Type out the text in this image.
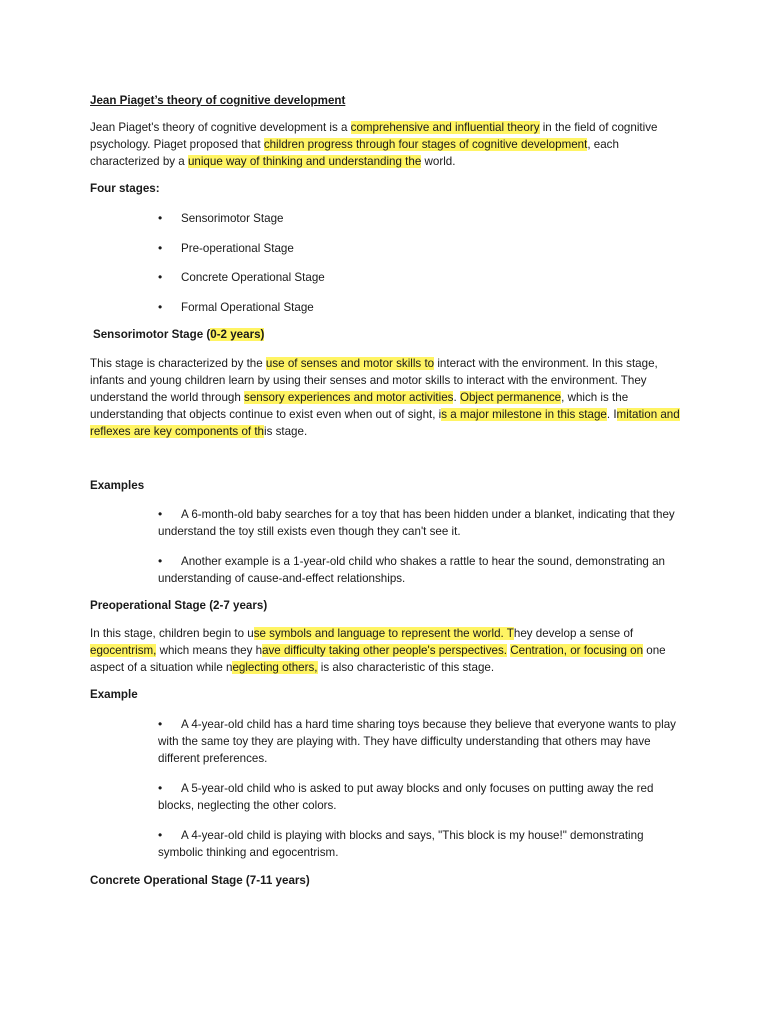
Jean Piaget’s theory of cognitive development
Jean Piaget's theory of cognitive development is a comprehensive and influential theory in the field of cognitive psychology. Piaget proposed that children progress through four stages of cognitive development, each characterized by a unique way of thinking and understanding the world.
Four stages:
• Sensorimotor Stage
• Pre-operational Stage
• Concrete Operational Stage
• Formal Operational Stage
Sensorimotor Stage (0-2 years)
This stage is characterized by the use of senses and motor skills to interact with the environment. In this stage, infants and young children learn by using their senses and motor skills to interact with the environment. They understand the world through sensory experiences and motor activities. Object permanence, which is the understanding that objects continue to exist even when out of sight, is a major milestone in this stage. Imitation and reflexes are key components of this stage.
Examples
•	A 6-month-old baby searches for a toy that has been hidden under a blanket, indicating that they understand the toy still exists even though they can't see it.
•	Another example is a 1-year-old child who shakes a rattle to hear the sound, demonstrating an understanding of cause-and-effect relationships.
Preoperational Stage (2-7 years)
In this stage, children begin to use symbols and language to represent the world. They develop a sense of egocentrism, which means they have difficulty taking other people's perspectives. Centration, or focusing on one aspect of a situation while neglecting others, is also characteristic of this stage.
Example
•	A 4-year-old child has a hard time sharing toys because they believe that everyone wants to play with the same toy they are playing with. They have difficulty understanding that others may have different preferences.
•	A 5-year-old child who is asked to put away blocks and only focuses on putting away the red blocks, neglecting the other colors.
•	A 4-year-old child is playing with blocks and says, "This block is my house!" demonstrating symbolic thinking and egocentrism.
Concrete Operational Stage (7-11 years)
